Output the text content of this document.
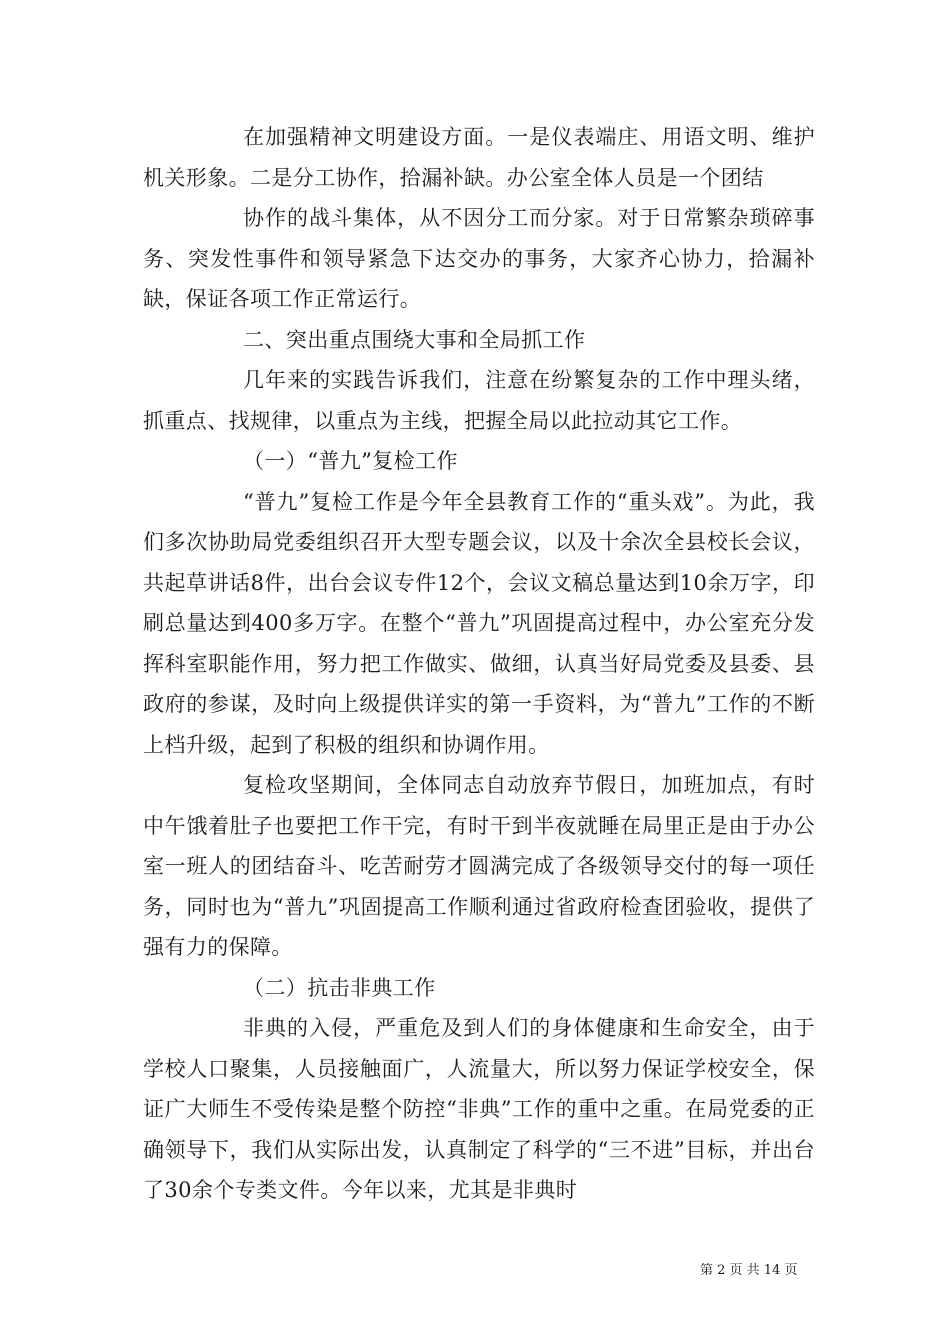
在加强精神文明建设方面。一是仪表端庄、用语文明、维护机关形象。二是分工协作，拾漏补缺。办公室全体人员是一个团结

协作的战斗集体，从不因分工而分家。对于日常繁杂琐碎事务、突发性事件和领导紧急下达交办的事务，大家齐心协力，拾漏补缺，保证各项工作正常运行。

二、突出重点围绕大事和全局抓工作

几年来的实践告诉我们，注意在纷繁复杂的工作中理头绪，抓重点、找规律，以重点为主线，把握全局以此拉动其它工作。

（一）“普九”复检工作

“普九”复检工作是今年全县教育工作的“重头戏”。为此，我们多次协助局党委组织召开大型专题会议，以及十余次全县校长会议，共起草讲话8件，出台会议专件12个，会议文稿总量达到10余万字，印刷总量达到400多万字。在整个“普九”巩固提高过程中，办公室充分发挥科室职能作用，努力把工作做实、做细，认真当好局党委及县委、县政府的参谋，及时向上级提供详实的第一手资料，为“普九”工作的不断上档升级，起到了积极的组织和协调作用。

复检攻坚期间，全体同志自动放弃节假日，加班加点，有时中午饿着肚子也要把工作干完，有时干到半夜就睡在局里正是由于办公室一班人的团结奋斗、吃苦耐劳才圆满完成了各级领导交付的每一项任务，同时也为“普九”巩固提高工作顺利通过省政府检查团验收，提供了强有力的保障。

（二）抗击非典工作

非典的入侵，严重危及到人们的身体健康和生命安全，由于学校人口聚集，人员接触面广，人流量大，所以努力保证学校安全，保证广大师生不受传染是整个防控“非典”工作的重中之重。在局党委的正确领导下，我们从实际出发，认真制定了科学的“三不进”目标，并出台了30余个专类文件。今年以来，尤其是非典时

第 2 页 共 14 页
